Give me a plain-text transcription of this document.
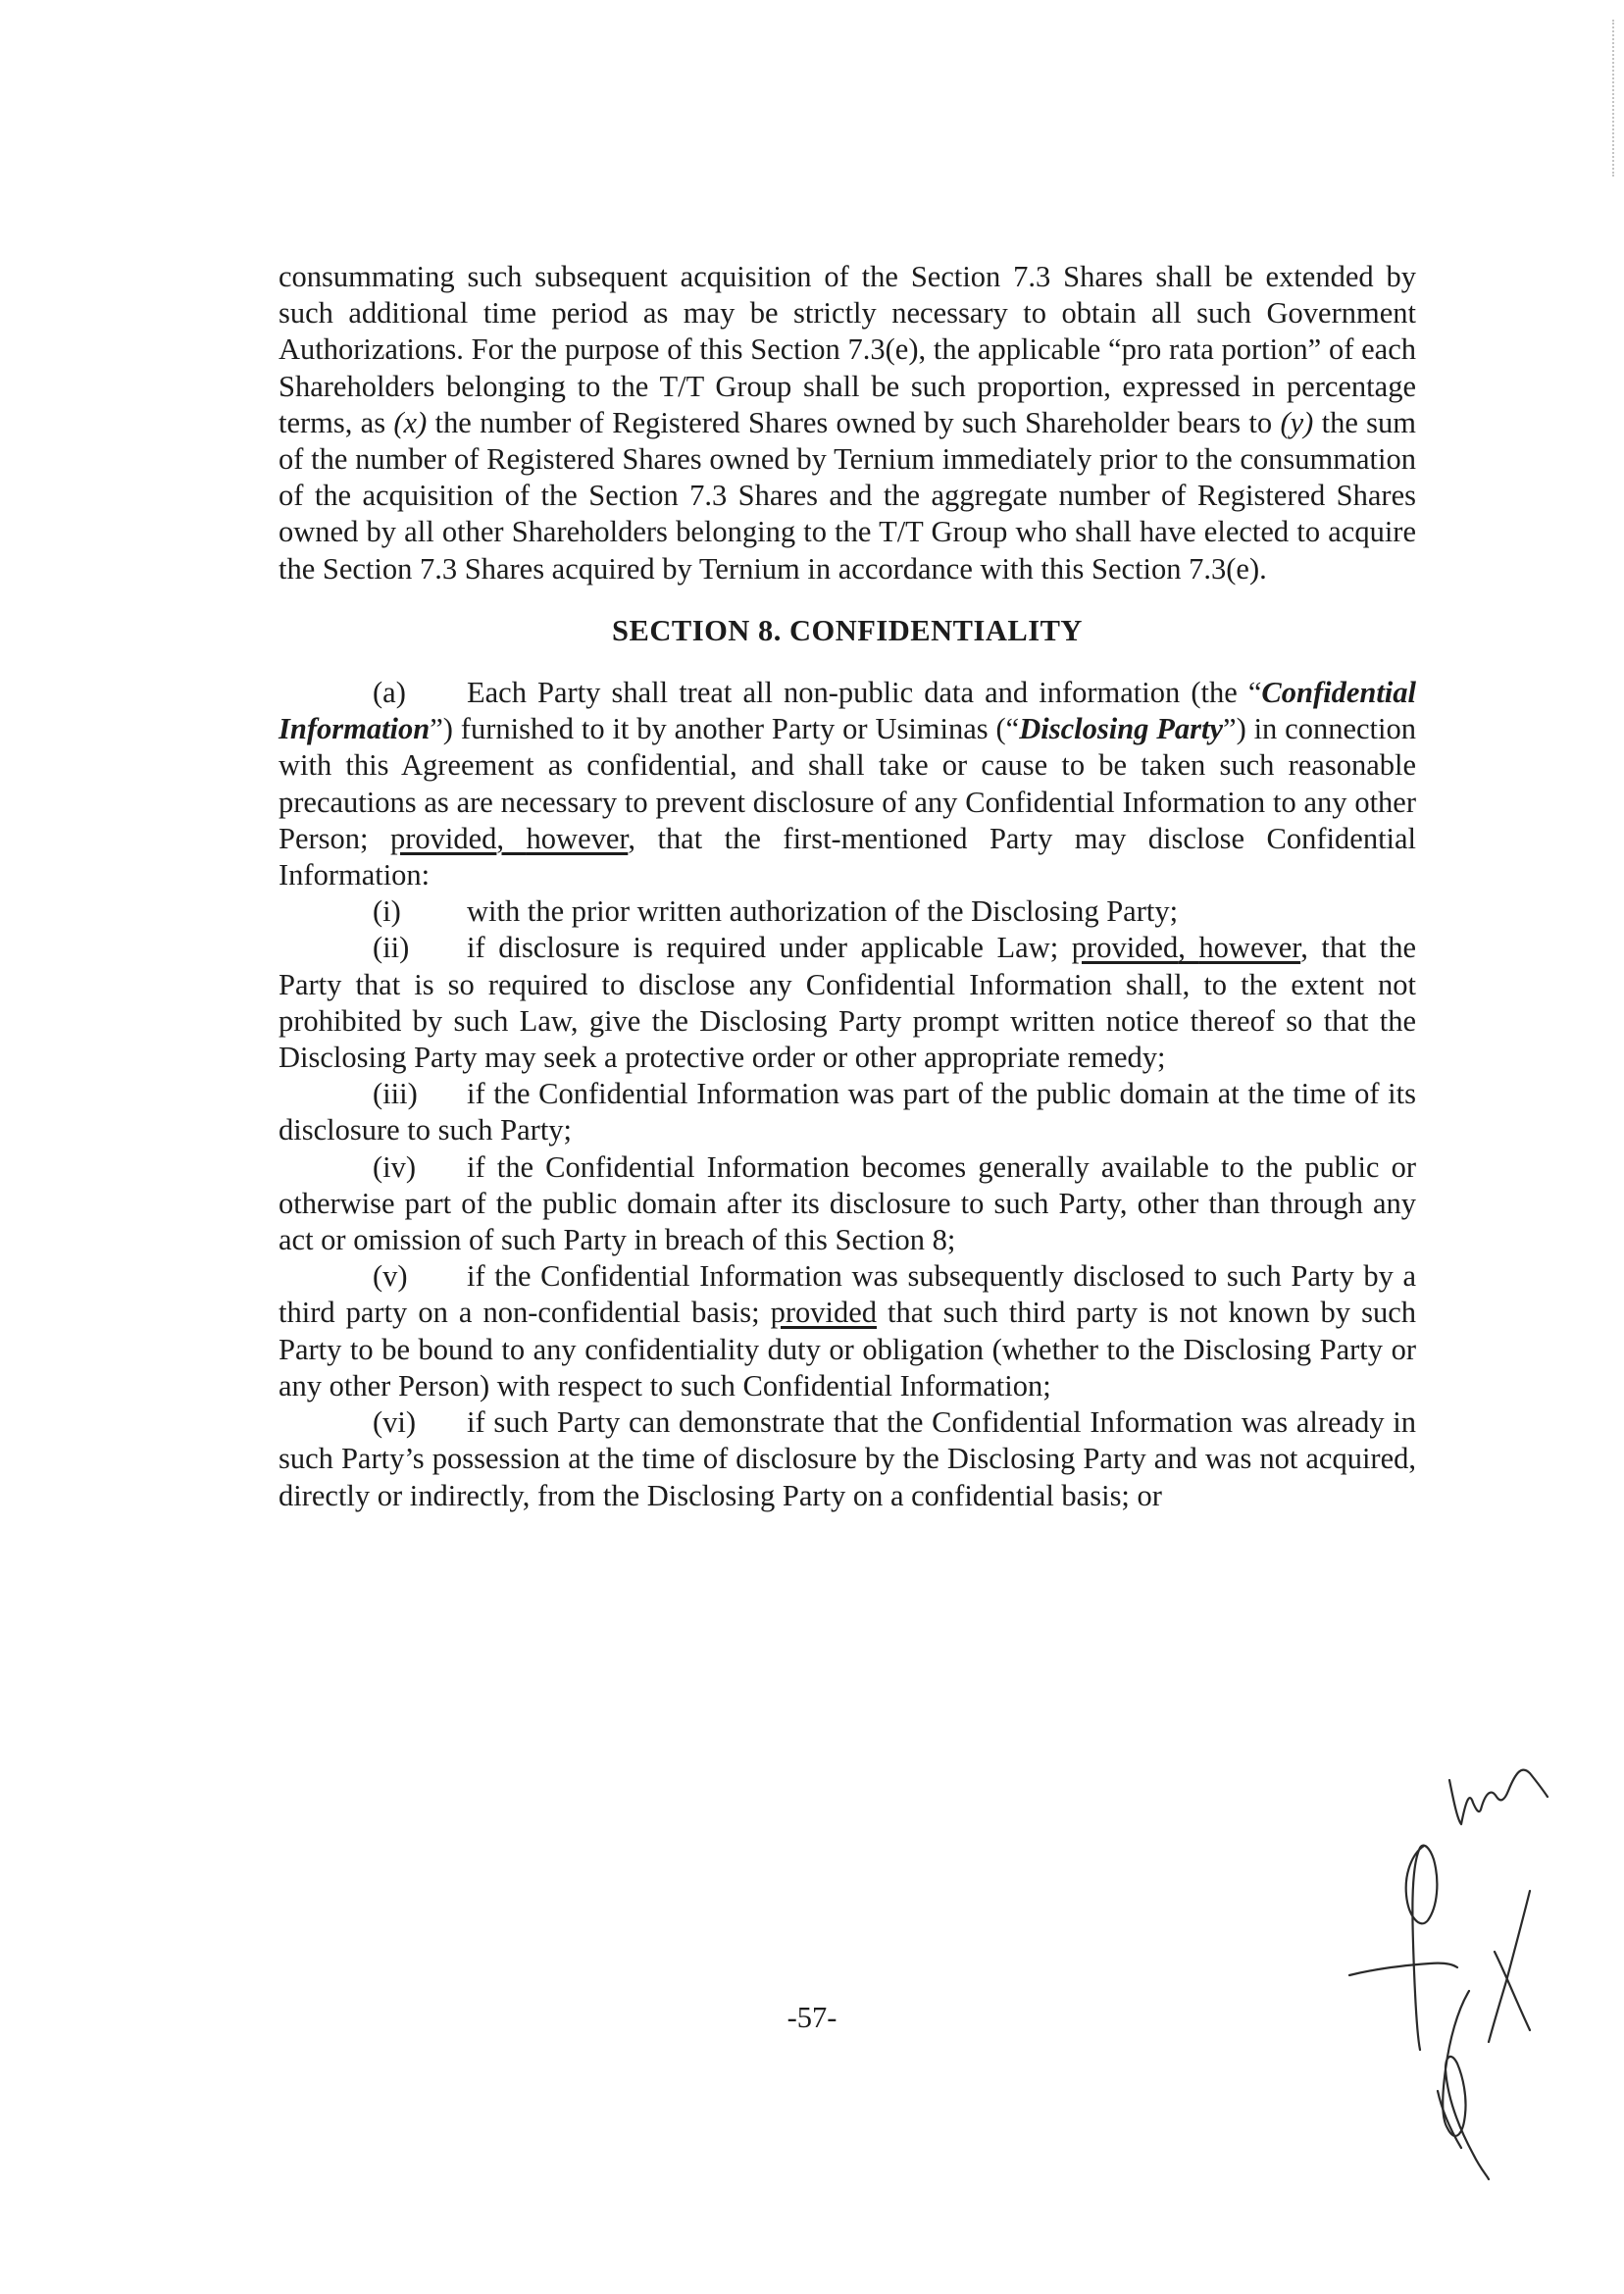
consummating such subsequent acquisition of the Section 7.3 Shares shall be extended by such additional time period as may be strictly necessary to obtain all such Government Authorizations. For the purpose of this Section 7.3(e), the applicable “pro rata portion” of each Shareholders belonging to the T/T Group shall be such proportion, expressed in percentage terms, as (x) the number of Registered Shares owned by such Shareholder bears to (y) the sum of the number of Registered Shares owned by Ternium immediately prior to the consummation of the acquisition of the Section 7.3 Shares and the aggregate number of Registered Shares owned by all other Shareholders belonging to the T/T Group who shall have elected to acquire the Section 7.3 Shares acquired by Ternium in accordance with this Section 7.3(e).

SECTION 8. CONFIDENTIALITY

(a) Each Party shall treat all non-public data and information (the “Confidential Information”) furnished to it by another Party or Usiminas (“Disclosing Party”) in connection with this Agreement as confidential, and shall take or cause to be taken such reasonable precautions as are necessary to prevent disclosure of any Confidential Information to any other Person; provided, however, that the first-mentioned Party may disclose Confidential Information:

(i) with the prior written authorization of the Disclosing Party;

(ii) if disclosure is required under applicable Law; provided, however, that the Party that is so required to disclose any Confidential Information shall, to the extent not prohibited by such Law, give the Disclosing Party prompt written notice thereof so that the Disclosing Party may seek a protective order or other appropriate remedy;

(iii) if the Confidential Information was part of the public domain at the time of its disclosure to such Party;

(iv) if the Confidential Information becomes generally available to the public or otherwise part of the public domain after its disclosure to such Party, other than through any act or omission of such Party in breach of this Section 8;

(v) if the Confidential Information was subsequently disclosed to such Party by a third party on a non-confidential basis; provided that such third party is not known by such Party to be bound to any confidentiality duty or obligation (whether to the Disclosing Party or any other Person) with respect to such Confidential Information;

(vi) if such Party can demonstrate that the Confidential Information was already in such Party’s possession at the time of disclosure by the Disclosing Party and was not acquired, directly or indirectly, from the Disclosing Party on a confidential basis; or

-57-
